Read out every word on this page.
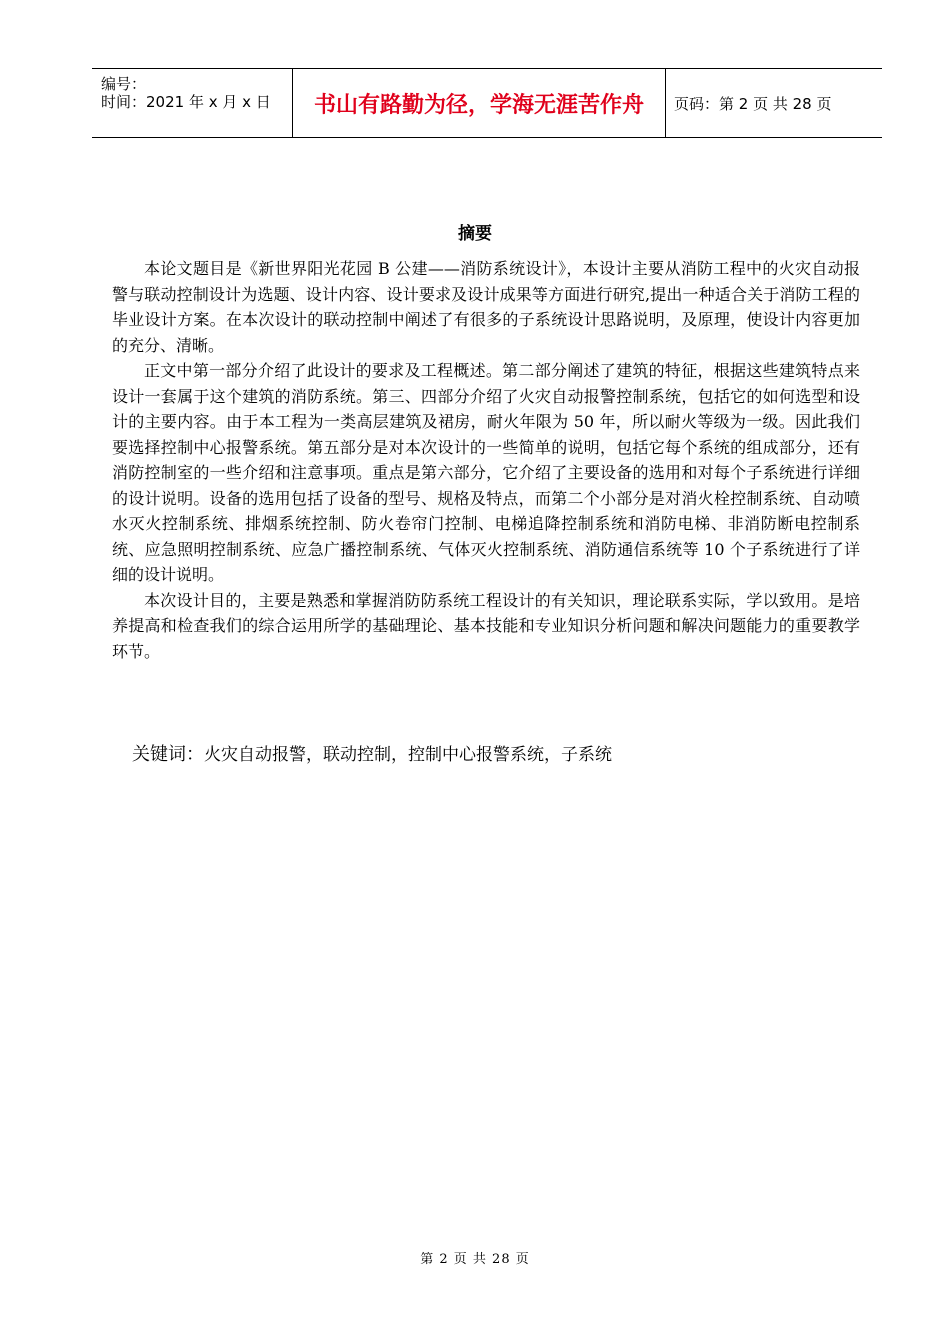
编号：
时间：2021 年 x 月 x 日	书山有路勤为径，学海无涯苦作舟	页码：第 2 页 共 28 页
摘要

本论文题目是《新世界阳光花园 B 公建——消防系统设计》，本设计主要从消防工程中的火灾自动报警与联动控制设计为选题、设计内容、设计要求及设计成果等方面进行研究,提出一种适合关于消防工程的毕业设计方案。在本次设计的联动控制中阐述了有很多的子系统设计思路说明，及原理，使设计内容更加的充分、清晰。

正文中第一部分介绍了此设计的要求及工程概述。第二部分阐述了建筑的特征，根据这些建筑特点来设计一套属于这个建筑的消防系统。第三、四部分介绍了火灾自动报警控制系统，包括它的如何选型和设计的主要内容。由于本工程为一类高层建筑及裙房，耐火年限为 50 年，所以耐火等级为一级。因此我们要选择控制中心报警系统。第五部分是对本次设计的一些简单的说明，包括它每个系统的组成部分，还有消防控制室的一些介绍和注意事项。重点是第六部分，它介绍了主要设备的选用和对每个子系统进行详细的设计说明。设备的选用包括了设备的型号、规格及特点，而第二个小部分是对消火栓控制系统、自动喷水灭火控制系统、排烟系统控制、防火卷帘门控制、电梯追降控制系统和消防电梯、非消防断电控制系统、应急照明控制系统、应急广播控制系统、气体灭火控制系统、消防通信系统等 10 个子系统进行了详细的设计说明。

本次设计目的，主要是熟悉和掌握消防防系统工程设计的有关知识，理论联系实际，学以致用。是培养提高和检查我们的综合运用所学的基础理论、基本技能和专业知识分析问题和解决问题能力的重要教学环节。

关键词：火灾自动报警，联动控制，控制中心报警系统，子系统
第 2 页 共 28 页
